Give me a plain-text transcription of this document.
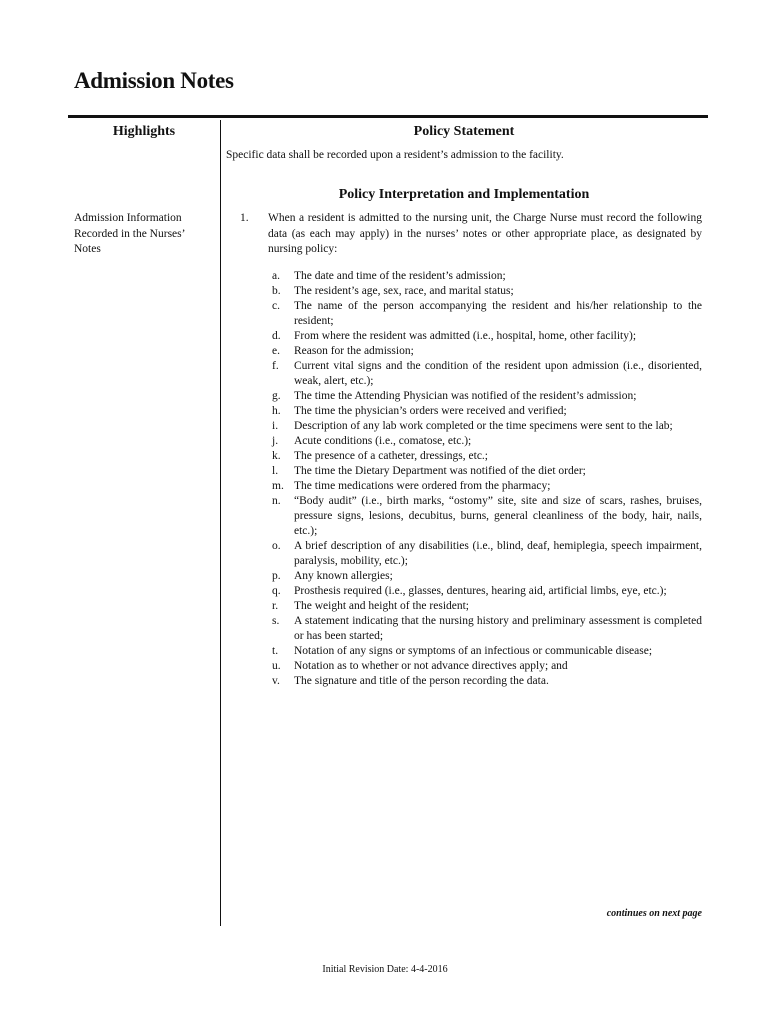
Admission Notes
Highlights	Policy Statement
Specific data shall be recorded upon a resident’s admission to the facility.
Policy Interpretation and Implementation
Admission Information Recorded in the Nurses’ Notes
1. When a resident is admitted to the nursing unit, the Charge Nurse must record the following data (as each may apply) in the nurses’ notes or other appropriate place, as designated by nursing policy:
a. The date and time of the resident’s admission;
b. The resident’s age, sex, race, and marital status;
c. The name of the person accompanying the resident and his/her relationship to the resident;
d. From where the resident was admitted (i.e., hospital, home, other facility);
e. Reason for the admission;
f. Current vital signs and the condition of the resident upon admission (i.e., disoriented, weak, alert, etc.);
g. The time the Attending Physician was notified of the resident’s admission;
h. The time the physician’s orders were received and verified;
i. Description of any lab work completed or the time specimens were sent to the lab;
j. Acute conditions (i.e., comatose, etc.);
k. The presence of a catheter, dressings, etc.;
l. The time the Dietary Department was notified of the diet order;
m. The time medications were ordered from the pharmacy;
n. “Body audit” (i.e., birth marks, “ostomy” site, site and size of scars, rashes, bruises, pressure signs, lesions, decubitus, burns, general cleanliness of the body, hair, nails, etc.);
o. A brief description of any disabilities (i.e., blind, deaf, hemiplegia, speech impairment, paralysis, mobility, etc.);
p. Any known allergies;
q. Prosthesis required (i.e., glasses, dentures, hearing aid, artificial limbs, eye, etc.);
r. The weight and height of the resident;
s. A statement indicating that the nursing history and preliminary assessment is completed or has been started;
t. Notation of any signs or symptoms of an infectious or communicable disease;
u. Notation as to whether or not advance directives apply; and
v. The signature and title of the person recording the data.
continues on next page
Initial Revision Date: 4-4-2016
